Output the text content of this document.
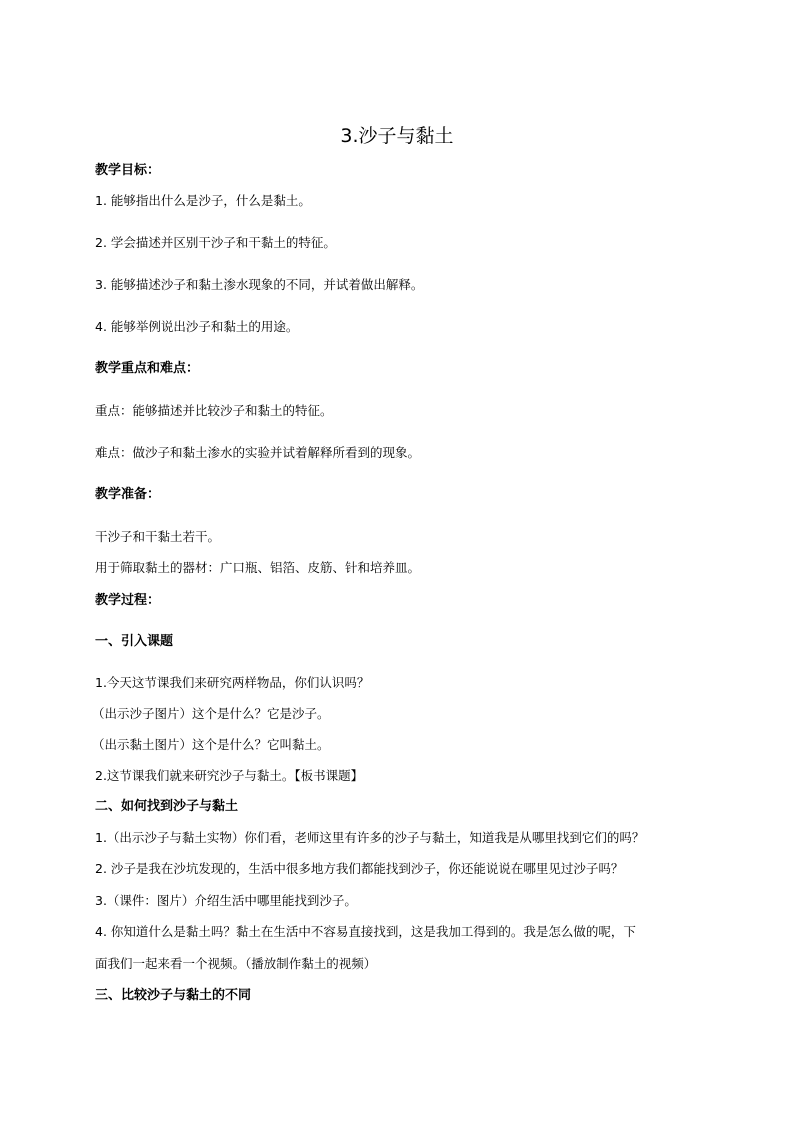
3.沙子与黏土
教学目标：
1. 能够指出什么是沙子，什么是黏土。
2. 学会描述并区别干沙子和干黏土的特征。
3. 能够描述沙子和黏土渗水现象的不同，并试着做出解释。
4. 能够举例说出沙子和黏土的用途。
教学重点和难点：
重点：能够描述并比较沙子和黏土的特征。
难点：做沙子和黏土渗水的实验并试着解释所看到的现象。
教学准备：
干沙子和干黏土若干。
用于筛取黏土的器材：广口瓶、铝箔、皮筋、针和培养皿。
教学过程：
一、引入课题
1.今天这节课我们来研究两样物品，你们认识吗？
（出示沙子图片）这个是什么？它是沙子。
（出示黏土图片）这个是什么？它叫黏土。
2.这节课我们就来研究沙子与黏土。【板书课题】
二、如何找到沙子与黏土
1.（出示沙子与黏土实物）你们看，老师这里有许多的沙子与黏土，知道我是从哪里找到它们的吗？
2. 沙子是我在沙坑发现的，生活中很多地方我们都能找到沙子，你还能说说在哪里见过沙子吗？
3.（课件：图片）介绍生活中哪里能找到沙子。
4. 你知道什么是黏土吗？黏土在生活中不容易直接找到，这是我加工得到的。我是怎么做的呢，下
面我们一起来看一个视频。（播放制作黏土的视频）
三、比较沙子与黏土的不同
